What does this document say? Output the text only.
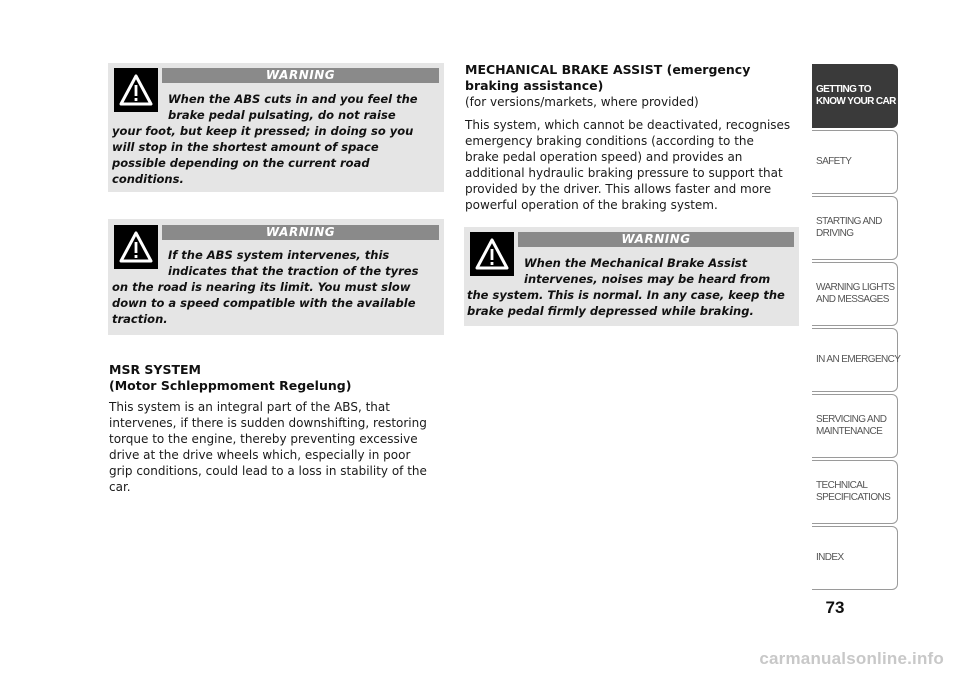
WARNING
When the ABS cuts in and you feel the
brake pedal pulsating, do not raise
your foot, but keep it pressed; in doing so you
will stop in the shortest amount of space
possible depending on the current road
conditions.
WARNING
If the ABS system intervenes, this
indicates that the traction of the tyres
on the road is nearing its limit. You must slow
down to a speed compatible with the available
traction.
MSR SYSTEM
(Motor Schleppmoment Regelung)
This system is an integral part of the ABS, that
intervenes, if there is sudden downshifting, restoring
torque to the engine, thereby preventing excessive
drive at the drive wheels which, especially in poor
grip conditions, could lead to a loss in stability of the
car.
MECHANICAL BRAKE ASSIST (emergency
braking assistance)
(for versions/markets, where provided)
This system, which cannot be deactivated, recognises
emergency braking conditions (according to the
brake pedal operation speed) and provides an
additional hydraulic braking pressure to support that
provided by the driver. This allows faster and more
powerful operation of the braking system.
WARNING
When the Mechanical Brake Assist
intervenes, noises may be heard from
the system. This is normal. In any case, keep the
brake pedal firmly depressed while braking.
GETTING TO
KNOW YOUR CAR
SAFETY
STARTING AND
DRIVING
WARNING LIGHTS
AND MESSAGES
IN AN EMERGENCY
SERVICING AND
MAINTENANCE
TECHNICAL
SPECIFICATIONS
INDEX
73
carmanualsonline.info
